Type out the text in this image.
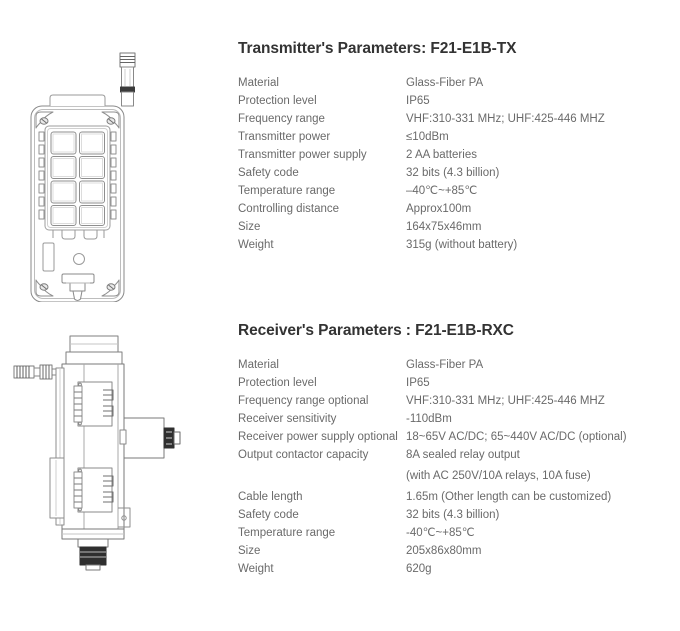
Transmitter's Parameters: F21-E1B-TX
Material	Glass-Fiber PA
Protection level	IP65
Frequency range	VHF:310-331 MHz; UHF:425-446 MHZ
Transmitter power	≤10dBm
Transmitter power supply	2 AA batteries
Safety code	32 bits (4.3 billion)
Temperature range	–40℃~+85℃
Controlling distance	Approx100m
Size	164x75x46mm
Weight	315g (without battery)
Receiver's Parameters : F21-E1B-RXC
Material	Glass-Fiber PA
Protection level	IP65
Frequency range optional	VHF:310-331 MHz; UHF:425-446 MHZ
Receiver sensitivity	-110dBm
Receiver power supply optional	18~65V AC/DC; 65~440V AC/DC (optional)
Output contactor capacity	8A sealed relay output
	(with AC 250V/10A relays, 10A fuse)

Cable length	1.65m (Other length can be customized)
Safety code	32 bits (4.3 billion)
Temperature range	-40℃~+85℃
Size	205x86x80mm
Weight	620g
